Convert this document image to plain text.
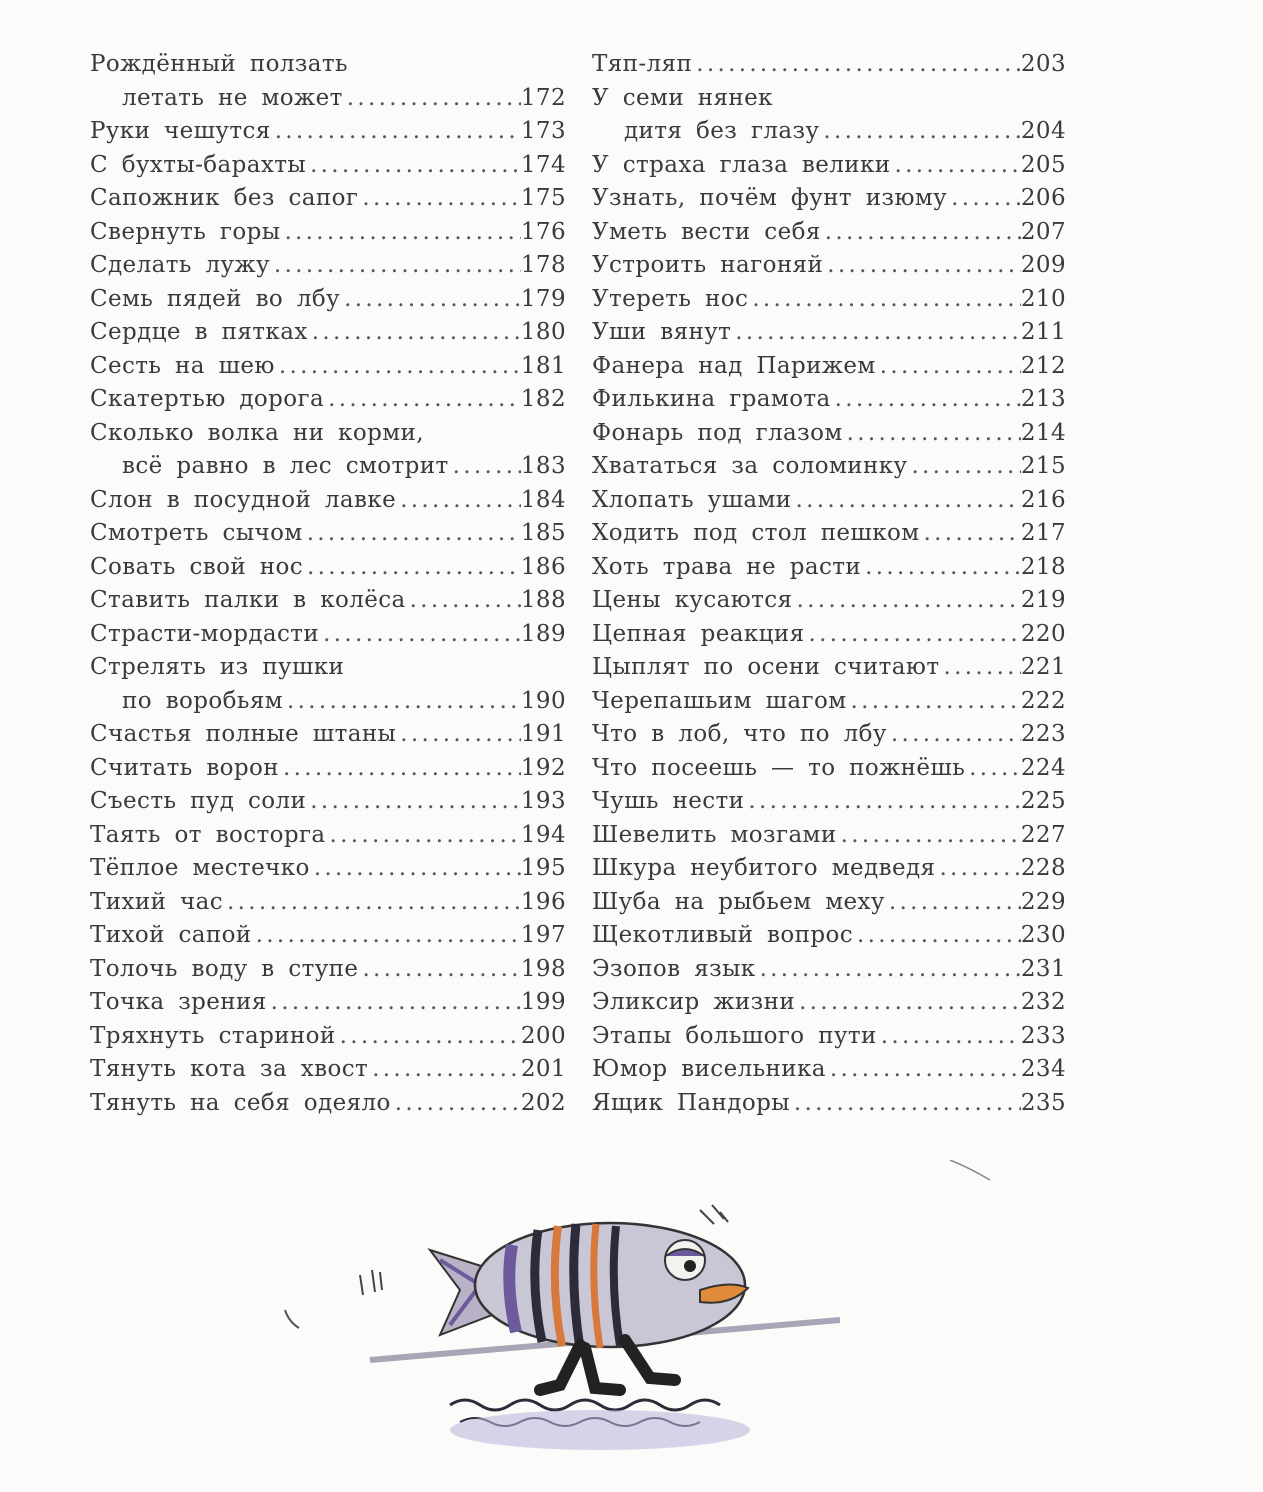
Рождённый ползать
летать не может . . .	172
Руки чешутся . . .	173
С бухты-барахты . . .	174
Сапожник без сапог . . .	175
Свернуть горы . . .	176
Сделать лужу . . .	178
Семь пядей во лбу . . .	179
Сердце в пятках . . .	180
Сесть на шею . . .	181
Скатертью дорога . . .	182
Сколько волка ни корми,
всё равно в лес смотрит . . .	183
Слон в посудной лавке . . .	184
Смотреть сычом . . .	185
Совать свой нос . . .	186
Ставить палки в колёса . . .	188
Страсти-мордасти . . .	189
Стрелять из пушки
по воробьям . . .	190
Счастья полные штаны . . .	191
Считать ворон . . .	192
Съесть пуд соли . . .	193
Таять от восторга . . .	194
Тёплое местечко . . .	195
Тихий час . . .	196
Тихой сапой . . .	197
Толочь воду в ступе . . .	198
Точка зрения . . .	199
Тряхнуть стариной . . .	200
Тянуть кота за хвост . . .	201
Тянуть на себя одеяло . . .	202
Тяп-ляп . . .	203
У семи нянек
дитя без глазу . . .	204
У страха глаза велики . . .	205
Узнать, почём фунт изюму . . .	206
Уметь вести себя . . .	207
Устроить нагоняй . . .	209
Утереть нос . . .	210
Уши вянут . . .	211
Фанера над Парижем . . .	212
Филькина грамота . . .	213
Фонарь под глазом . . .	214
Хвататься за соломинку . . .	215
Хлопать ушами . . .	216
Ходить под стол пешком . . .	217
Хоть трава не расти . . .	218
Цены кусаются . . .	219
Цепная реакция . . .	220
Цыплят по осени считают . . .	221
Черепашьим шагом . . .	222
Что в лоб, что по лбу . . .	223
Что посеешь — то пожнёшь . . . 224
Чушь нести . . .	225
Шевелить мозгами . . .	227
Шкура неубитого медведя . . .	228
Шуба на рыбьем меху . . .	229
Щекотливый вопрос . . .	230
Эзопов язык . . .	231
Эликсир жизни . . .	232
Этапы большого пути . . .	233
Юмор висельника . . .	234
Ящик Пандоры . . .	235
